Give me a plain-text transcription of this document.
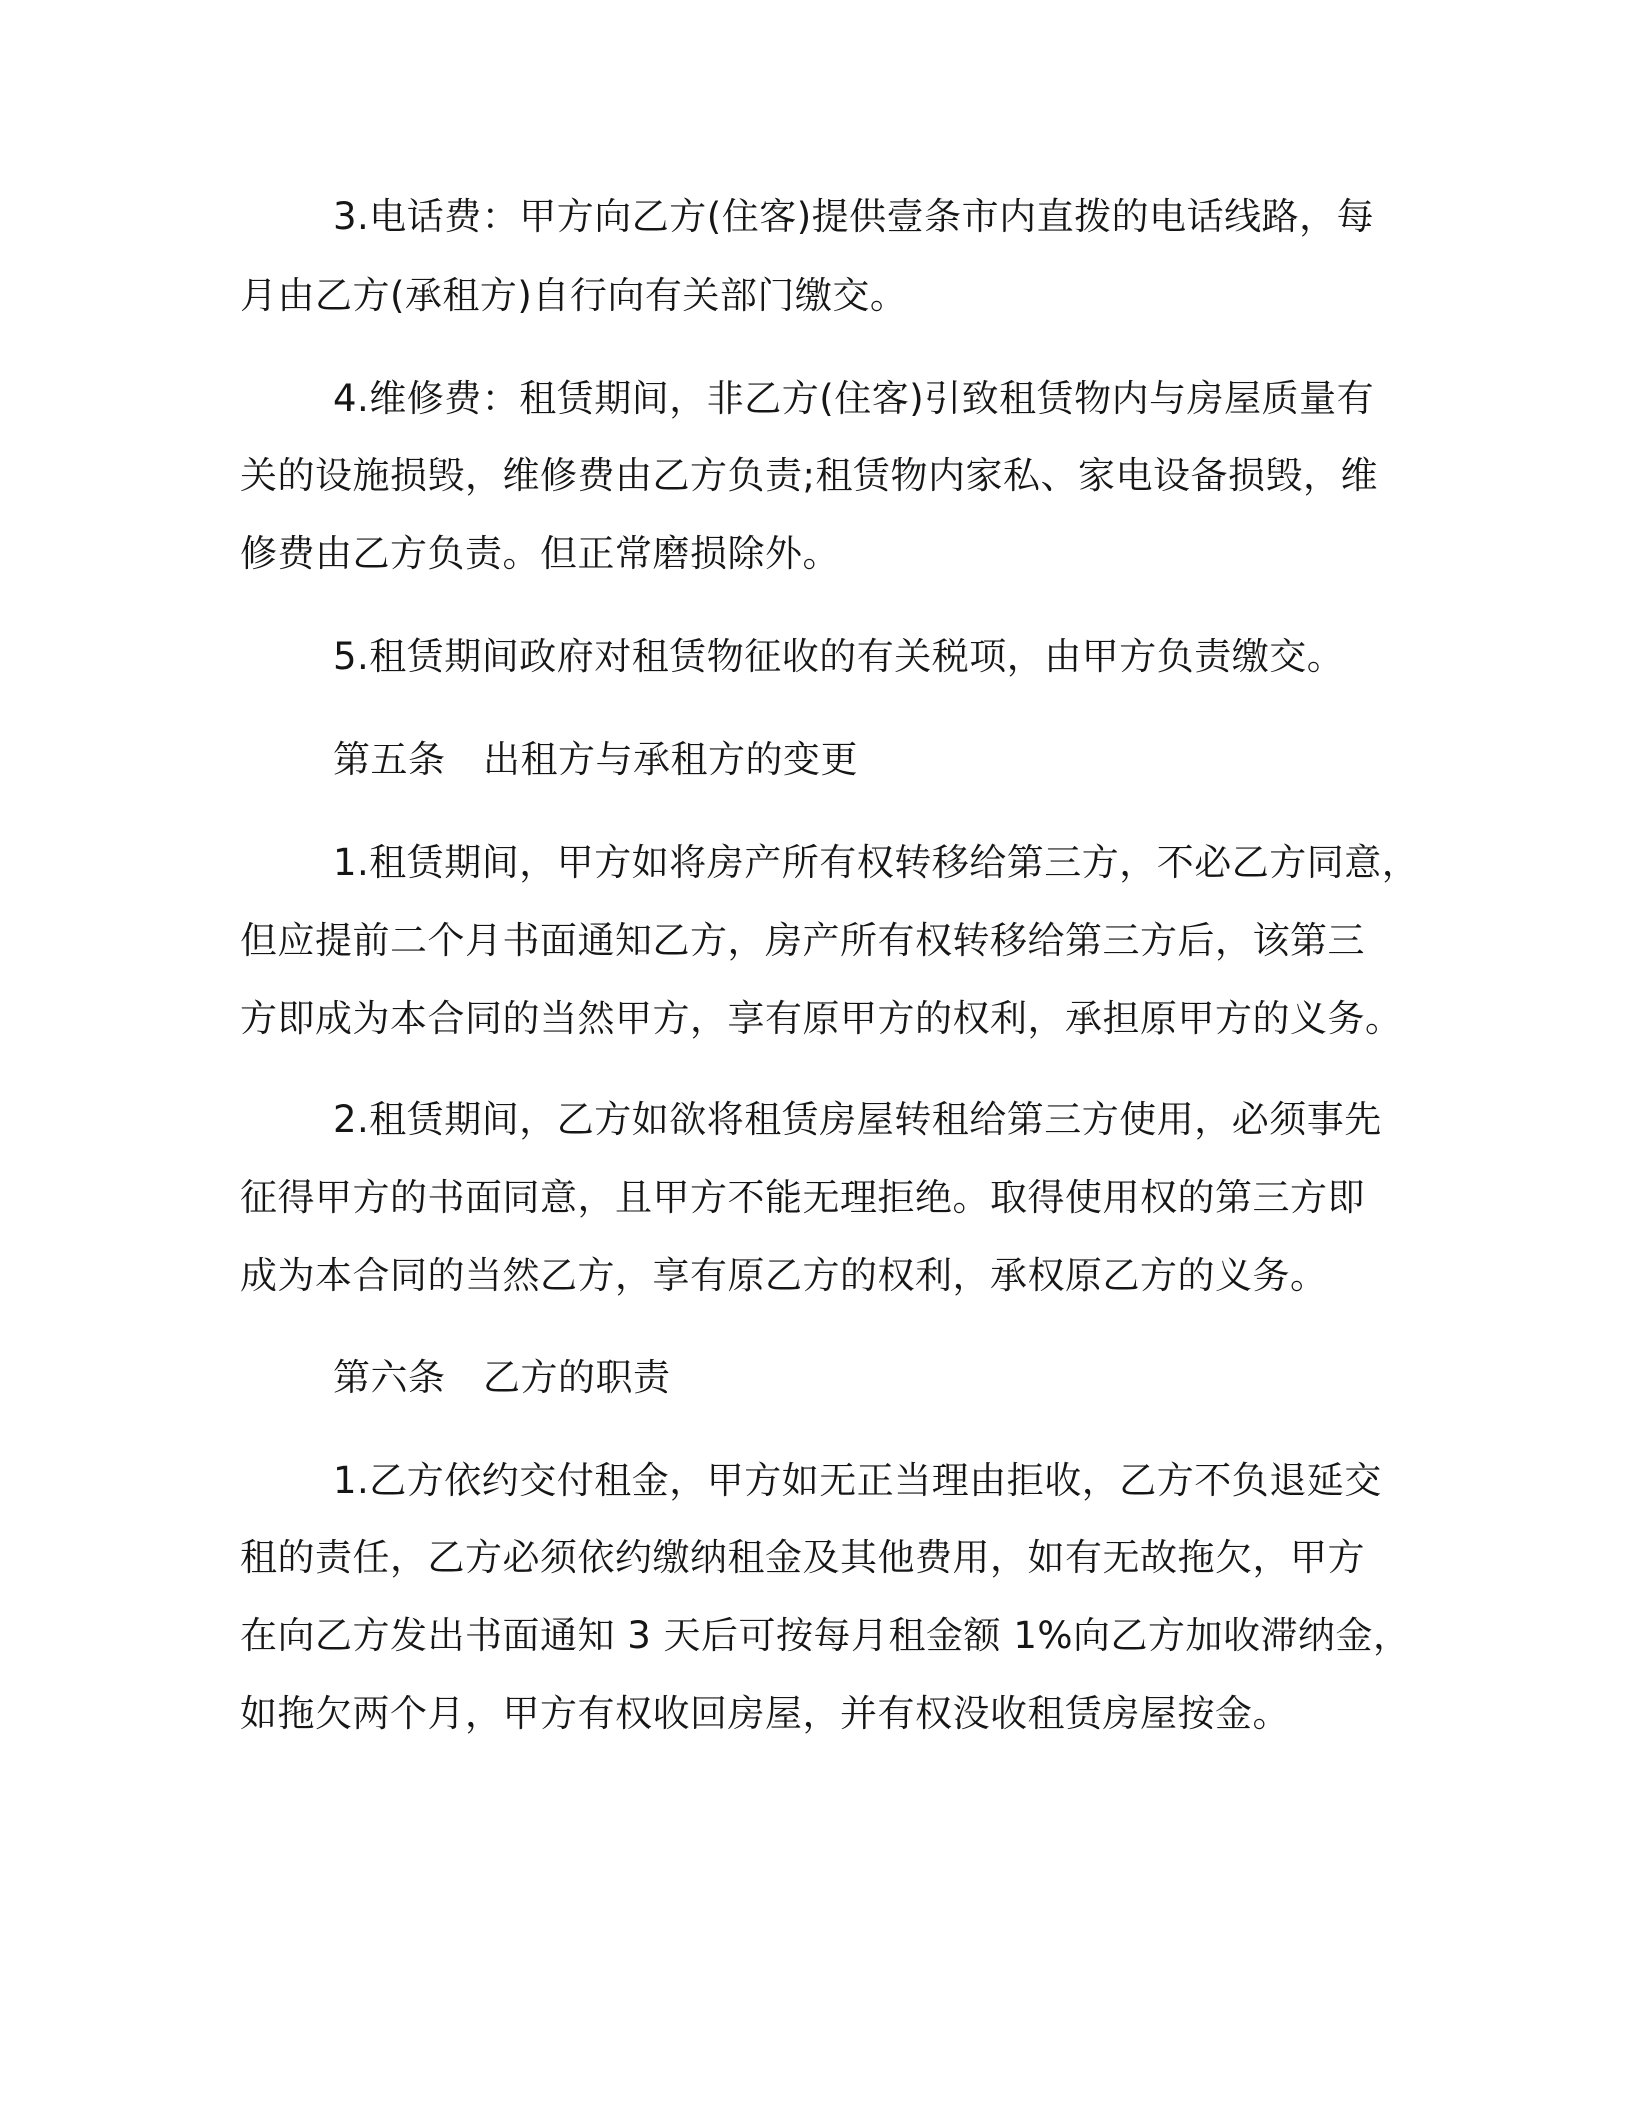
3.电话费：甲方向乙方(住客)提供壹条市内直拨的电话线路，每
月由乙方(承租方)自行向有关部门缴交。
4.维修费：租赁期间，非乙方(住客)引致租赁物内与房屋质量有
关的设施损毁，维修费由乙方负责;租赁物内家私、家电设备损毁，维
修费由乙方负责。但正常磨损除外。
5.租赁期间政府对租赁物征收的有关税项，由甲方负责缴交。
第五条　出租方与承租方的变更
1.租赁期间，甲方如将房产所有权转移给第三方，不必乙方同意，
但应提前二个月书面通知乙方，房产所有权转移给第三方后，该第三
方即成为本合同的当然甲方，享有原甲方的权利，承担原甲方的义务。
2.租赁期间，乙方如欲将租赁房屋转租给第三方使用，必须事先
征得甲方的书面同意，且甲方不能无理拒绝。取得使用权的第三方即
成为本合同的当然乙方，享有原乙方的权利，承权原乙方的义务。
第六条　乙方的职责
1.乙方依约交付租金，甲方如无正当理由拒收，乙方不负退延交
租的责任，乙方必须依约缴纳租金及其他费用，如有无故拖欠，甲方
在向乙方发出书面通知 3 天后可按每月租金额 1%向乙方加收滞纳金，
如拖欠两个月，甲方有权收回房屋，并有权没收租赁房屋按金。
